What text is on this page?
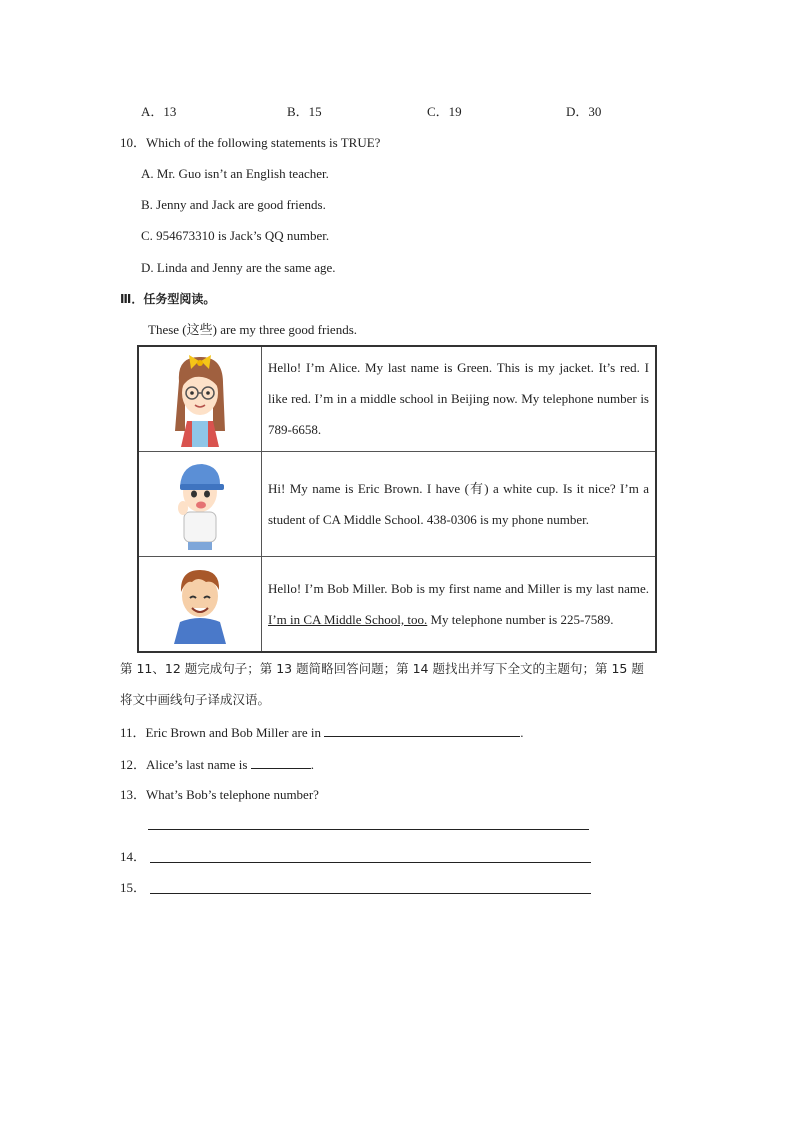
A．13	B．15	C．19	D．30
10．Which of the following statements is TRUE?
A. Mr. Guo isn’t an English teacher.
B. Jenny and Jack are good friends.
C. 954673310 is Jack’s QQ number.
D. Linda and Jenny are the same age.
Ⅲ．任务型阅读。
These (这些) are my three good friends.
	Hello! I’m Alice. My last name is Green. This is my jacket. It’s red. I like red. I’m in a middle school in Beijing now. My telephone number is 789-6658.

	Hi! My name is Eric Brown. I have (有) a white cup. Is it nice? I’m a student of CA Middle School. 438-0306 is my phone number.

	Hello! I’m Bob Miller. Bob is my first name and Miller is my last name. I’m in CA Middle School, too. My telephone number is 225-7589.
第 11、12 题完成句子；第 13 题简略回答问题；第 14 题找出并写下全文的主题句；第 15 题
将文中画线句子译成汉语。
11．Eric Brown and Bob Miller are in	.
12．Alice’s last name is	.
13．What’s Bob’s telephone number?
14．
15．
